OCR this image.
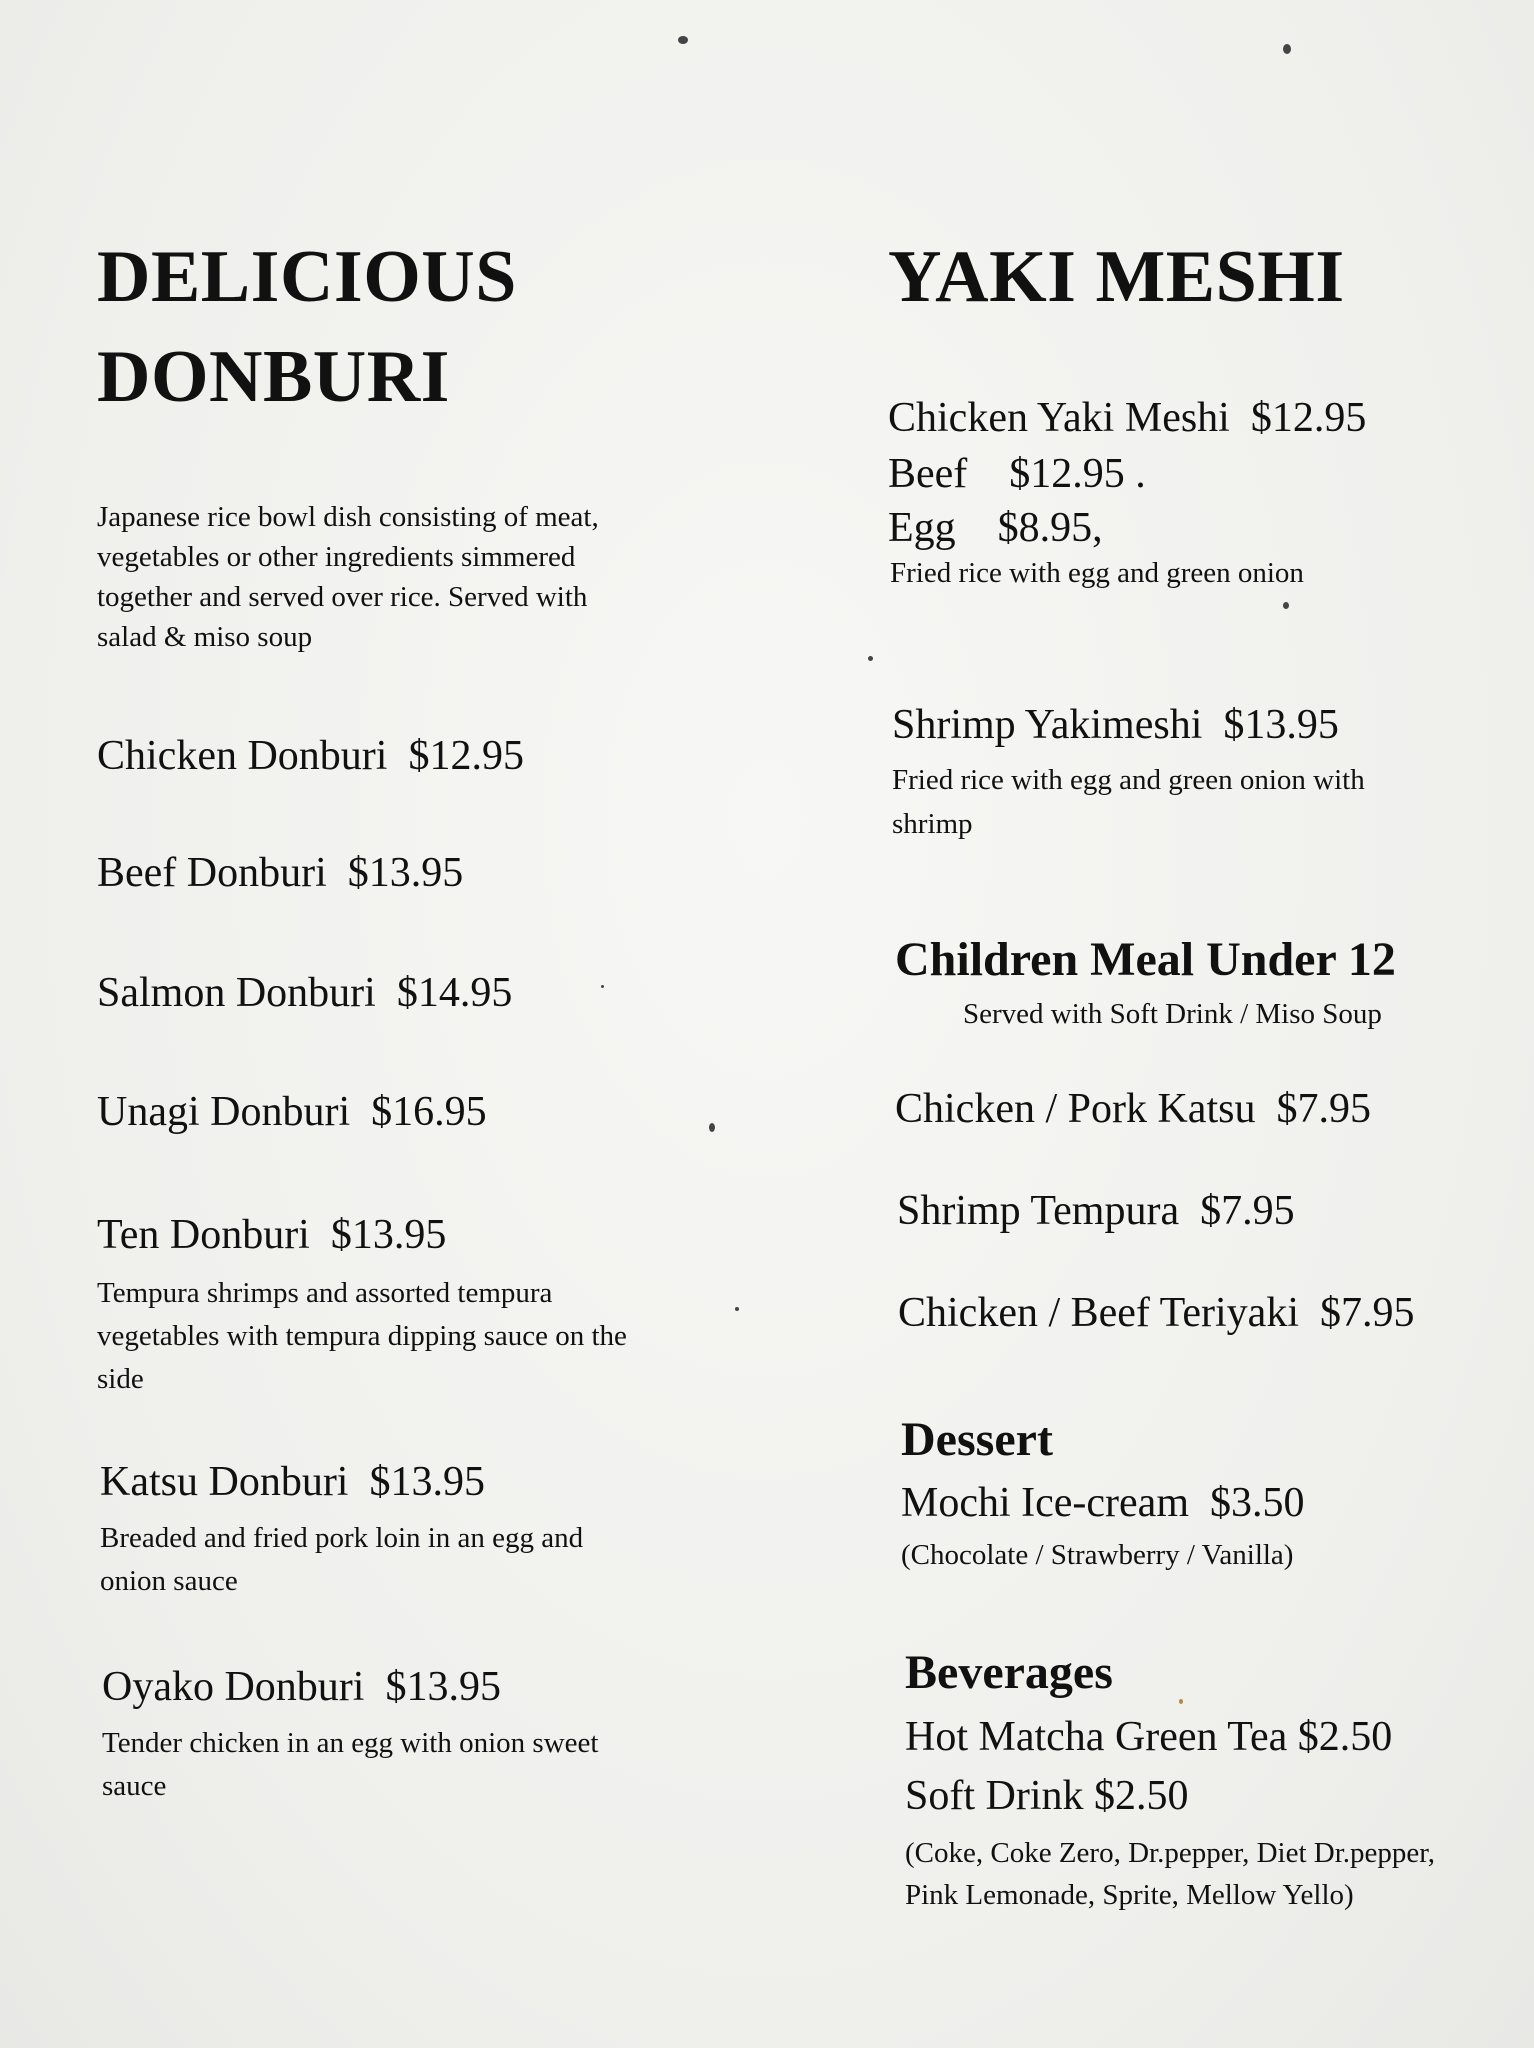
DELICIOUS
DONBURI
Japanese rice bowl dish consisting of meat,
vegetables or other ingredients simmered
together and served over rice. Served with
salad & miso soup
Chicken Donburi $12.95
Beef Donburi $13.95
Salmon Donburi $14.95
Unagi Donburi $16.95
Ten Donburi $13.95
Tempura shrimps and assorted tempura
vegetables with tempura dipping sauce on the
side
Katsu Donburi $13.95
Breaded and fried pork loin in an egg and
onion sauce
Oyako Donburi $13.95
Tender chicken in an egg with onion sweet
sauce
YAKI MESHI
Chicken Yaki Meshi $12.95
Beef $12.95 .
Egg $8.95,
Fried rice with egg and green onion
Shrimp Yakimeshi $13.95
Fried rice with egg and green onion with
shrimp
Children Meal Under 12
Served with Soft Drink / Miso Soup
Chicken / Pork Katsu $7.95
Shrimp Tempura $7.95
Chicken / Beef Teriyaki $7.95
Dessert
Mochi Ice-cream $3.50
(Chocolate / Strawberry / Vanilla)
Beverages
Hot Matcha Green Tea $2.50
Soft Drink $2.50
(Coke, Coke Zero, Dr.pepper, Diet Dr.pepper,
Pink Lemonade, Sprite, Mellow Yello)
